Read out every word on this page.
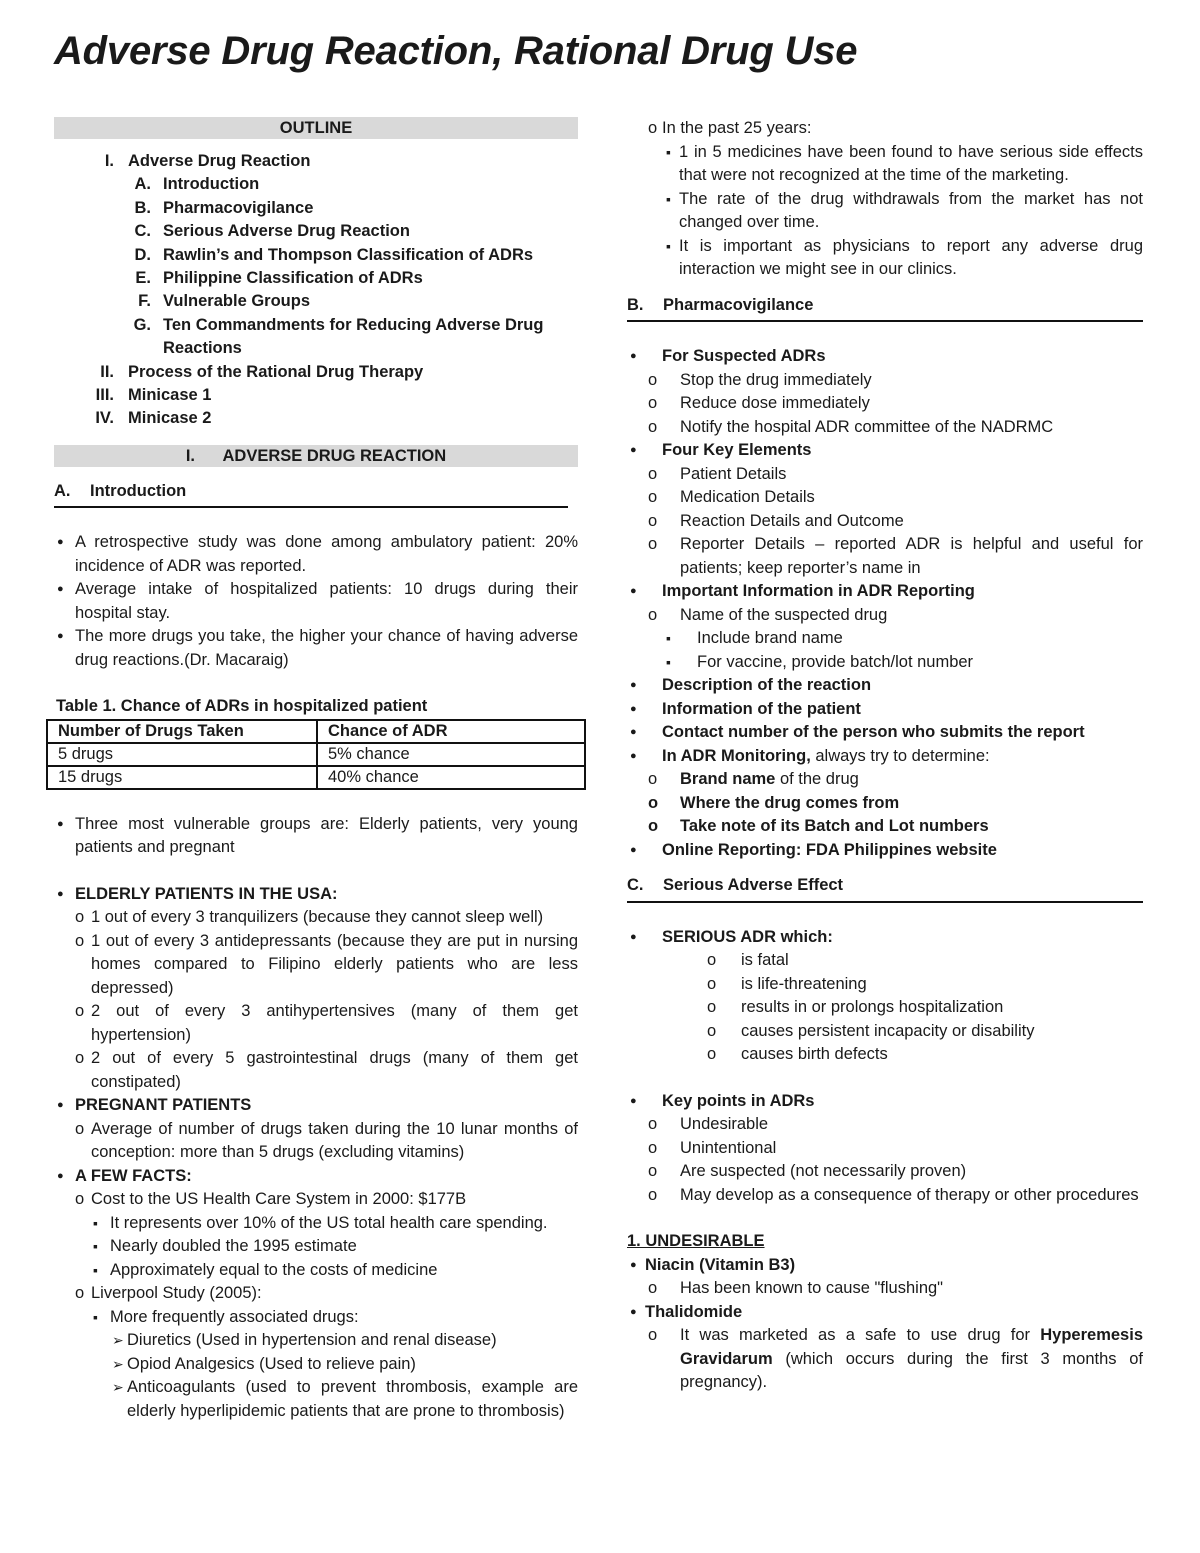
Adverse Drug Reaction, Rational Drug Use
OUTLINE
I. Adverse Drug Reaction
A. Introduction
B. Pharmacovigilance
C. Serious Adverse Drug Reaction
D. Rawlin’s and Thompson Classification of ADRs
E. Philippine Classification of ADRs
F. Vulnerable Groups
G. Ten Commandments for Reducing Adverse Drug
Reactions
II. Process of the Rational Drug Therapy
III. Minicase 1
IV. Minicase 2
I. ADVERSE DRUG REACTION
A. Introduction
● A retrospective study was done among ambulatory patient: 20% incidence of ADR was reported.
● Average intake of hospitalized patients: 10 drugs during their hospital stay.
● The more drugs you take, the higher your chance of having adverse drug reactions.(Dr. Macaraig)
Table 1. Chance of ADRs in hospitalized patient
Number of Drugs Taken	Chance of ADR
5 drugs	5% chance
15 drugs	40% chance
● Three most vulnerable groups are: Elderly patients, very young patients and pregnant
● ELDERLY PATIENTS IN THE USA:
o 1 out of every 3 tranquilizers (because they cannot sleep well)
o 1 out of every 3 antidepressants (because they are put in nursing homes compared to Filipino elderly patients who are less depressed)
o 2 out of every 3 antihypertensives (many of them get hypertension)
o 2 out of every 5 gastrointestinal drugs (many of them get constipated)
● PREGNANT PATIENTS
o Average of number of drugs taken during the 10 lunar months of conception: more than 5 drugs (excluding vitamins)
● A FEW FACTS:
o Cost to the US Health Care System in 2000: $177B
▪ It represents over 10% of the US total health care spending.
▪ Nearly doubled the 1995 estimate
▪ Approximately equal to the costs of medicine
o Liverpool Study (2005):
▪ More frequently associated drugs:
➢ Diuretics (Used in hypertension and renal disease)
➢ Opiod Analgesics (Used to relieve pain)
➢ Anticoagulants (used to prevent thrombosis, example are elderly hyperlipidemic patients that are prone to thrombosis)
o In the past 25 years:
▪ 1 in 5 medicines have been found to have serious side effects that were not recognized at the time of the marketing.
▪ The rate of the drug withdrawals from the market has not changed over time.
▪ It is important as physicians to report any adverse drug interaction we might see in our clinics.
B. Pharmacovigilance
● For Suspected ADRs
o Stop the drug immediately
o Reduce dose immediately
o Notify the hospital ADR committee of the NADRMC
● Four Key Elements
o Patient Details
o Medication Details
o Reaction Details and Outcome
o Reporter Details – reported ADR is helpful and useful for patients; keep reporter’s name in
● Important Information in ADR Reporting
o Name of the suspected drug
▪ Include brand name
▪ For vaccine, provide batch/lot number
● Description of the reaction
● Information of the patient
● Contact number of the person who submits the report
● In ADR Monitoring, always try to determine:
o Brand name of the drug
o Where the drug comes from
o Take note of its Batch and Lot numbers
● Online Reporting: FDA Philippines website
C. Serious Adverse Effect
● SERIOUS ADR which:
o is fatal
o is life-threatening
o results in or prolongs hospitalization
o causes persistent incapacity or disability
o causes birth defects
● Key points in ADRs
o Undesirable
o Unintentional
o Are suspected (not necessarily proven)
o May develop as a consequence of therapy or other procedures
1. UNDESIRABLE
● Niacin (Vitamin B3)
o Has been known to cause "flushing"
● Thalidomide
o It was marketed as a safe to use drug for Hyperemesis Gravidarum (which occurs during the first 3 months of pregnancy).
